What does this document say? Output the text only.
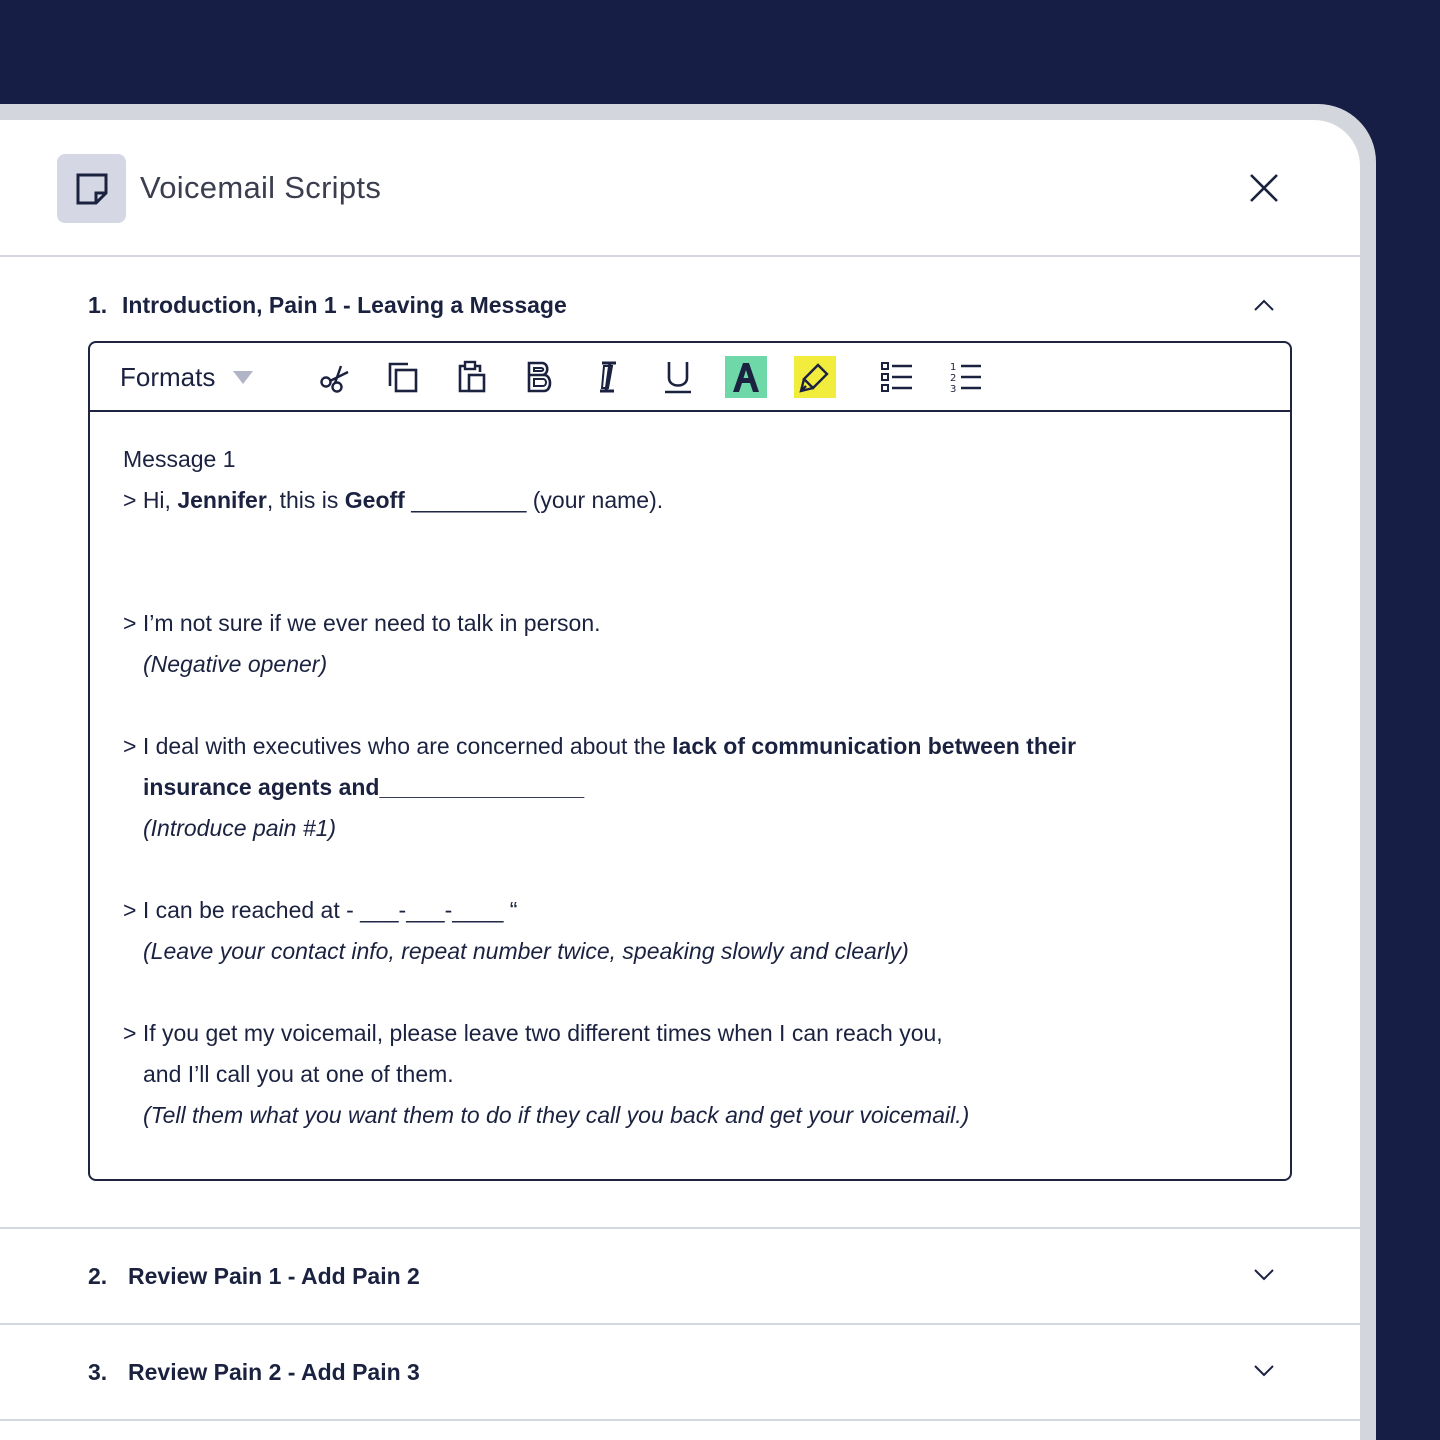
Voicemail Scripts
1. Introduction, Pain 1 - Leaving a Message
Formats	1
2
3

Message 1

> Hi, Jennifer, this is Geoff _________ (your name).

> I’m not sure if we ever need to talk in person.

(Negative opener)

> I deal with executives who are concerned about the lack of communication between their

insurance agents and________________

(Introduce pain #1)

> I can be reached at - ___-___-____ “

(Leave your contact info, repeat number twice, speaking slowly and clearly)

> If you get my voicemail, please leave two different times when I can reach you,

and I’ll call you at one of them.

(Tell them what you want them to do if they call you back and get your voicemail.)

2. Review Pain 1 - Add Pain 2
3. Review Pain 2 - Add Pain 3
